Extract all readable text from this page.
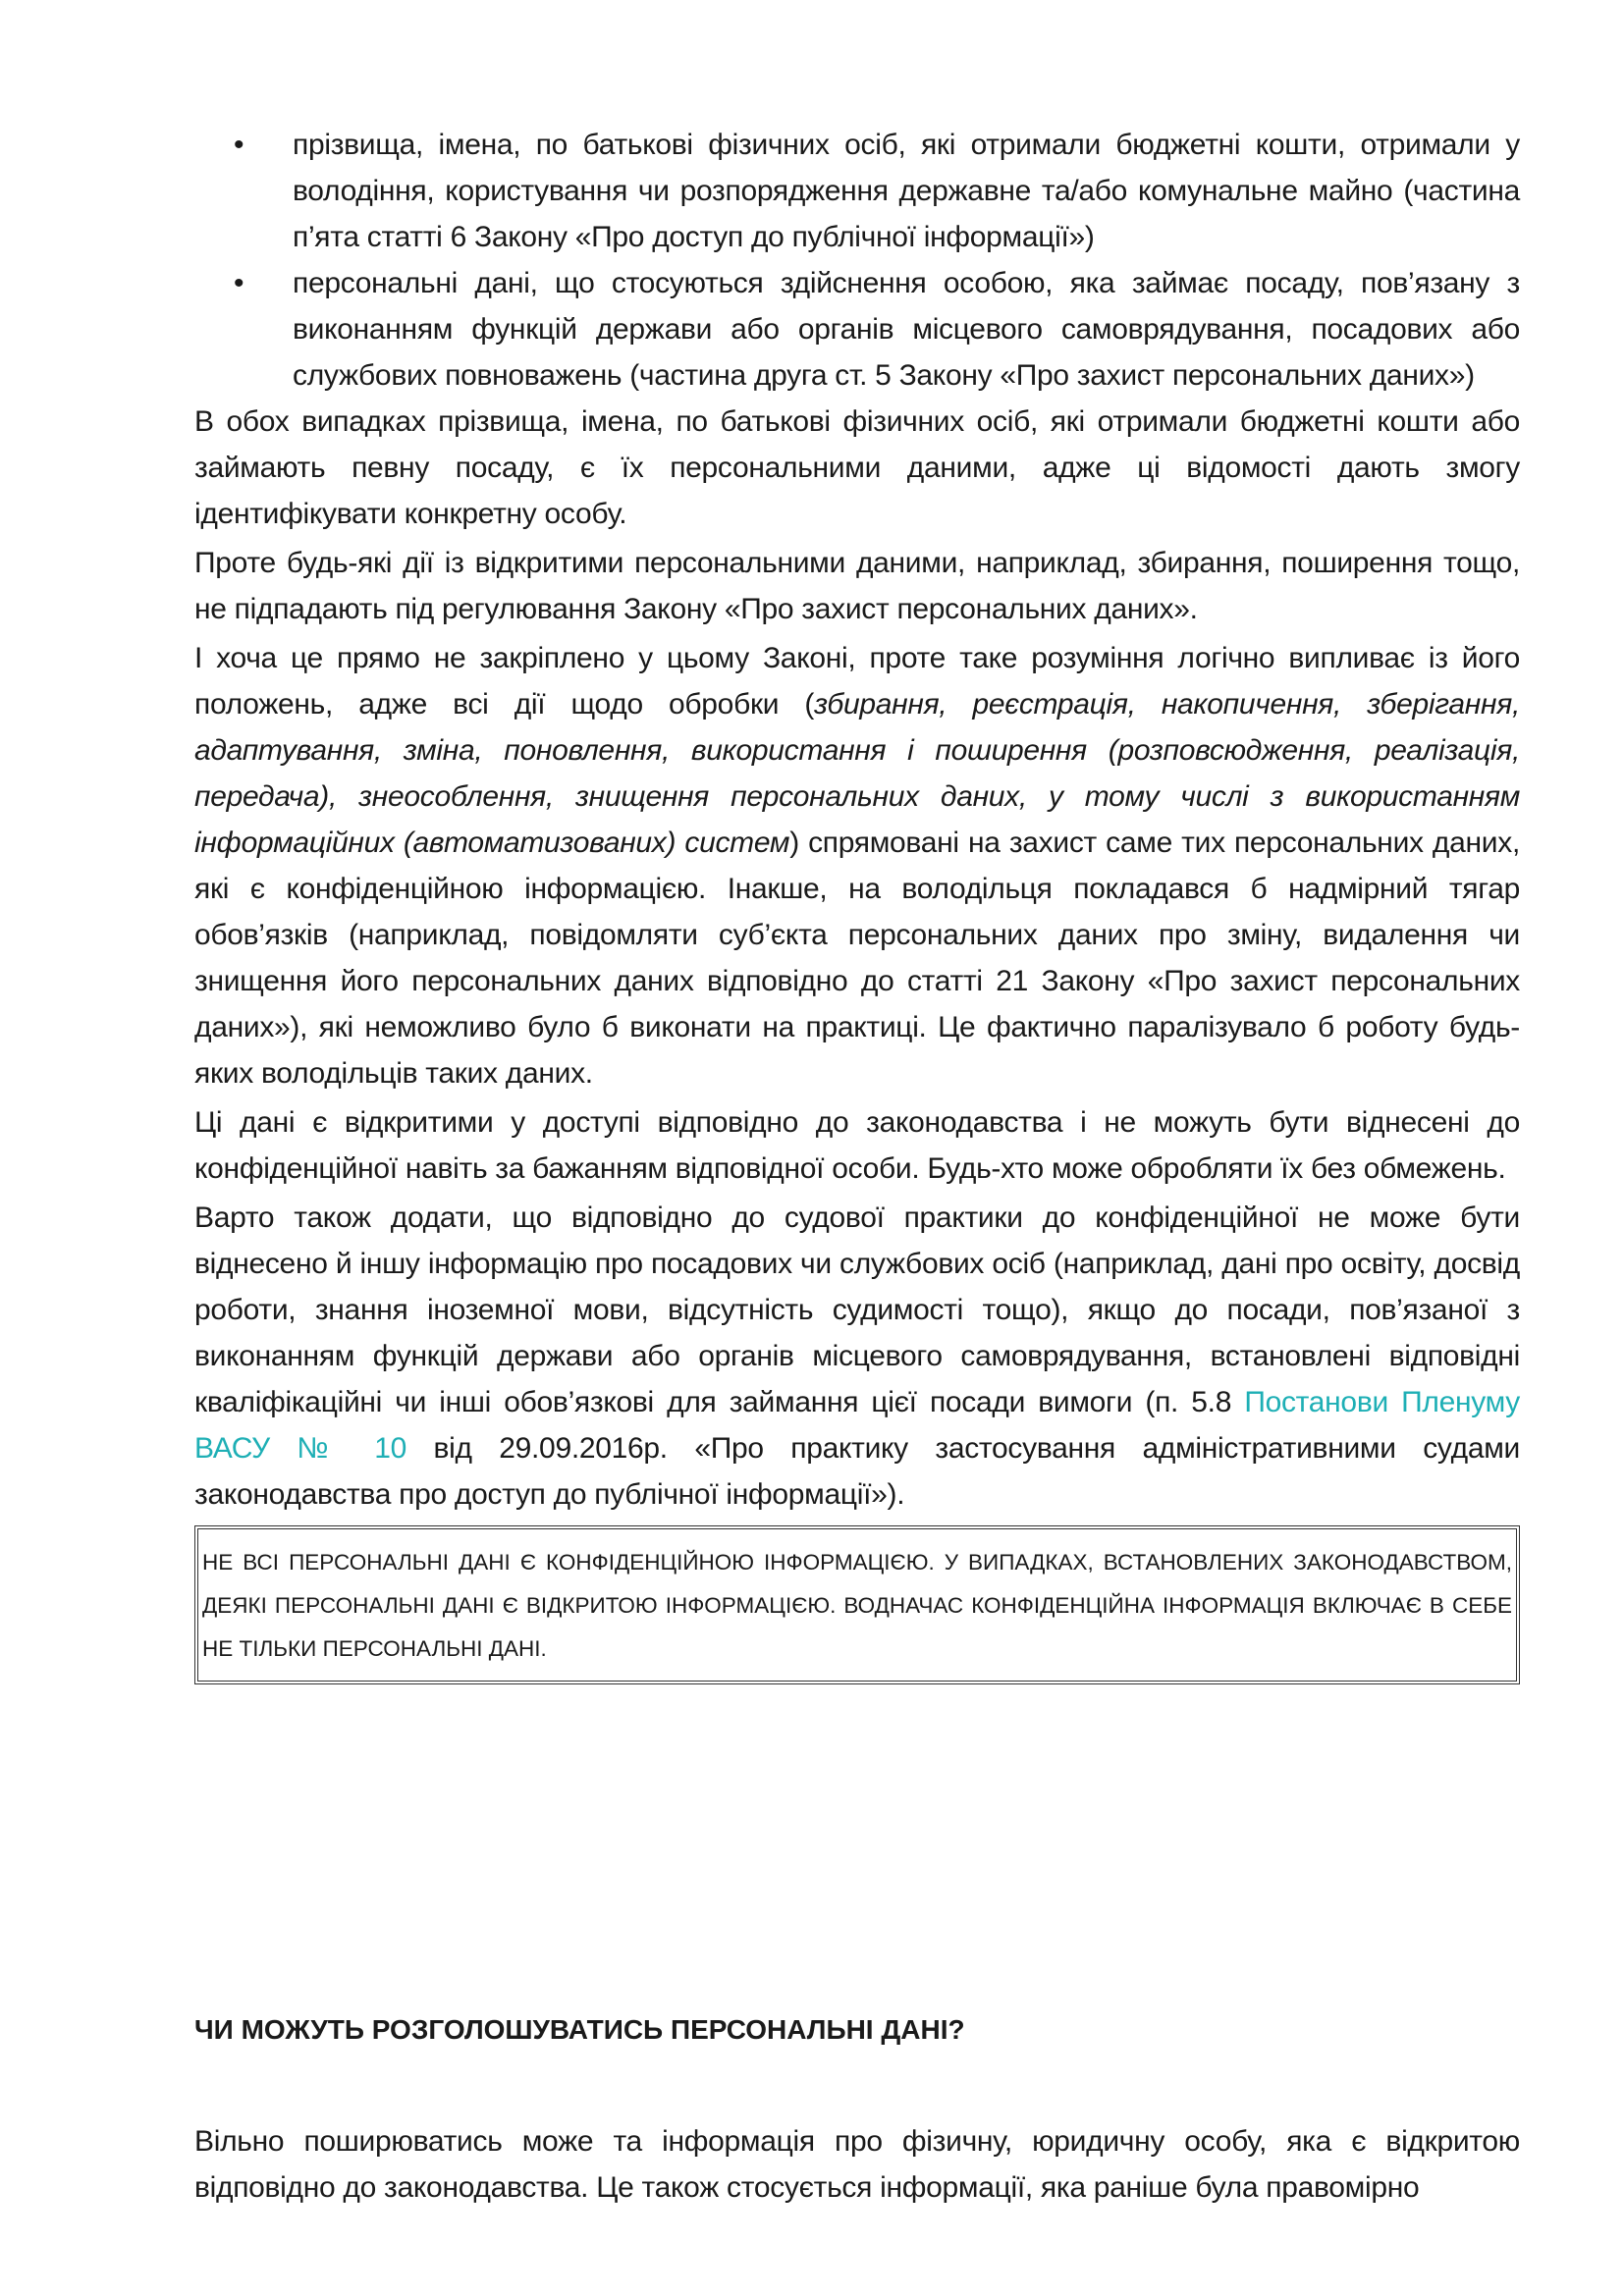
• прізвища, імена, по батькові фізичних осіб, які отримали бюджетні кошти, отримали у володіння, користування чи розпорядження державне та/або комунальне майно (частина п’ята статті 6 Закону «Про доступ до публічної інформації»)
• персональні дані, що стосуються здійснення особою, яка займає посаду, пов’язану з виконанням функцій держави або органів місцевого самоврядування, посадових або службових повноважень (частина друга ст. 5 Закону «Про захист персональних даних»)

В обох випадках прізвища, імена, по батькові фізичних осіб, які отримали бюджетні кошти або займають певну посаду, є їх персональними даними, адже ці відомості дають змогу ідентифікувати конкретну особу.

Проте будь-які дії із відкритими персональними даними, наприклад, збирання, поширення тощо, не підпадають під регулювання Закону «Про захист персональних даних».

І хоча це прямо не закріплено у цьому Законі, проте таке розуміння логічно випливає із його положень, адже всі дії щодо обробки (збирання, реєстрація, накопичення, зберігання, адаптування, зміна, поновлення, використання і поширення (розповсюдження, реалізація, передача), знеособлення, знищення персональних даних, у тому числі з використанням інформаційних (автоматизованих) систем) спрямовані на захист саме тих персональних даних, які є конфіденційною інформацією. Інакше, на володільця покладався б надмірний тягар обов’язків (наприклад, повідомляти суб’єкта персональних даних про зміну, видалення чи знищення його персональних даних відповідно до статті 21 Закону «Про захист персональних даних»), які неможливо було б виконати на практиці. Це фактично паралізувало б роботу будь-яких володільців таких даних.

Ці дані є відкритими у доступі відповідно до законодавства і не можуть бути віднесені до конфіденційної навіть за бажанням відповідної особи. Будь-хто може обробляти їх без обмежень.

Варто також додати, що відповідно до судової практики до конфіденційної не може бути віднесено й іншу інформацію про посадових чи службових осіб (наприклад, дані про освіту, досвід роботи, знання іноземної мови, відсутність судимості тощо), якщо до посади, пов’язаної з виконанням функцій держави або органів місцевого самоврядування, встановлені відповідні кваліфікаційні чи інші обов’язкові для займання цієї посади вимоги (п. 5.8 Постанови Пленуму ВАСУ № 10 від 29.09.2016р. «Про практику застосування адміністративними судами законодавства про доступ до публічної інформації»).

НЕ ВСІ ПЕРСОНАЛЬНІ ДАНІ Є КОНФІДЕНЦІЙНОЮ ІНФОРМАЦІЄЮ. У ВИПАДКАХ, ВСТАНОВЛЕНИХ ЗАКОНОДАВСТВОМ, ДЕЯКІ ПЕРСОНАЛЬНІ ДАНІ Є ВІДКРИТОЮ ІНФОРМАЦІЄЮ. ВОДНАЧАС КОНФІДЕНЦІЙНА ІНФОРМАЦІЯ ВКЛЮЧАЄ В СЕБЕ НЕ ТІЛЬКИ ПЕРСОНАЛЬНІ ДАНІ.
ЧИ МОЖУТЬ РОЗГОЛОШУВАТИСЬ ПЕРСОНАЛЬНІ ДАНІ?

Вільно поширюватись може та інформація про фізичну, юридичну особу, яка є відкритою відповідно до законодавства. Це також стосується інформації, яка раніше була правомірно
